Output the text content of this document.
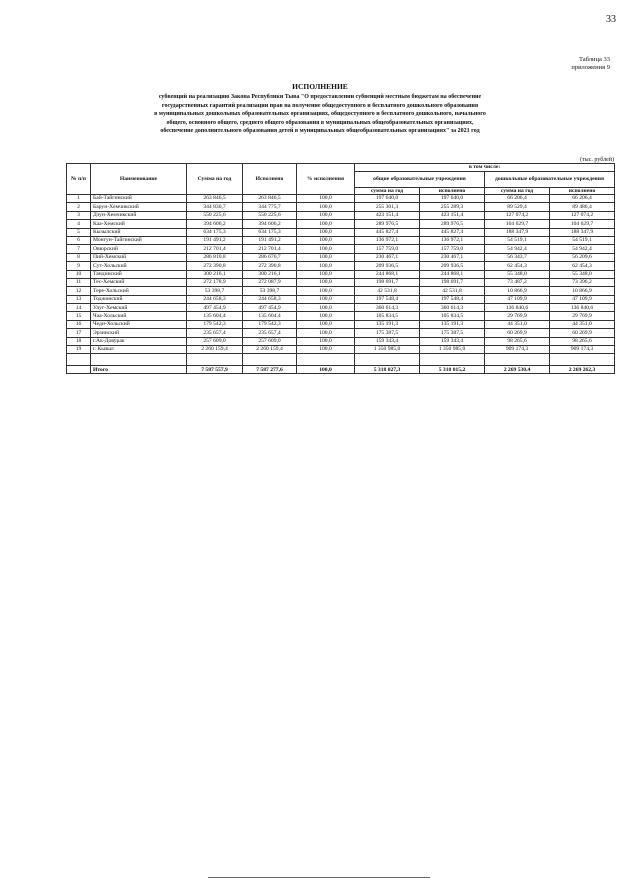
33
Таблица 33
приложения 9
ИСПОЛНЕНИЕ
субвенций на реализацию Закона Республики Тыва "О предоставлении субвенций местным бюджетам на обеспечение
государственных гарантий реализации прав на получение общедоступного и бесплатного дошкольного образования
в муниципальных дошкольных образовательных организациях, общедоступного и бесплатного дошкольного, начального
общего, основного общего, среднего общего образования в муниципальных общеобразовательных организациях,
обеспечение дополнительного образования детей в муниципальных общеобразовательных организациях" за 2021 год
(тыс. рублей)
№ п/п	Наименование	Сумма на год	Исполнено	% исполнения	в том числе:			
					общие образовательные учреждения		дошкольные образовательные учреждения	
					сумма на год	исполнено	сумма на год	исполнено
1	Бай-Тайгинский	263 846,5	263 846,5	100,0	197 640,0	197 640,0	66 206,4	66 206,4
2	Барун-Хемчикский	344 830,7	344 775,7	100,0	255 301,3	255 289,3	89 529,4	89 486,4
3	Дзун-Хемчикский	550 225,6	550 225,6	100,0	423 151,4	423 151,4	127 074,2	127 074,2
4	Каа-Хемский	394 606,2	394 606,2	100,0	289 976,5	289 976,5	104 629,7	104 629,7
5	Кызылский	634 175,3	634 175,3	100,0	445 827,4	445 827,4	188 347,9	188 347,9
6	Монгун-Тайгинский	191 491,2	191 491,2	100,0	136 972,1	136 972,1	54 519,1	54 519,1
7	Овюрский	212 701,4	212 701,4	100,0	157 759,0	157 759,0	54 942,4	54 942,4
8	Пий-Хемский	286 810,8	286 676,7	100,0	230 467,1	230 467,1	56 343,7	56 209,6
9	Сут-Хольский	272 390,8	272 390,8	100,0	209 936,5	209 936,5	62 454,3	62 454,3
10	Тандинский	300 216,1	300 216,1	100,0	244 868,1	244 868,1	55 348,0	55 348,0
11	Тес-Хемский	272 178,9	272 087,9	100,0	198 691,7	198 691,7	73 487,2	73 396,2
12	Тере-Хольский	53 398,7	53 398,7	100,0	42 531,8	42 531,8	10 866,9	10 866,9
13	Тоджинский	244 658,3	244 658,3	100,0	197 548,4	197 548,4	47 109,9	47 109,9
14	Улуг-Хемский	497 454,9	497 454,9	100,0	360 614,3	360 614,3	136 840,6	136 840,6
15	Чаа-Хольский	135 604,4	135 604,4	100,0	105 834,5	105 834,5	29 769,9	29 769,9
16	Чеди-Хольский	179 542,3	179 542,3	100,0	135 191,3	135 191,3	44 351,0	44 351,0
17	Эрзинский	235 657,4	235 657,4	100,0	175 387,5	175 387,5	60 269,9	60 269,9
18	г.Ак-Довурак	257 609,0	257 609,0	100,0	159 343,4	159 343,4	98 265,6	98 265,6
19	г. Кызыл	2 260 159,4	2 260 159,4	100,0	1 350 985,0	1 350 985,0	909 174,3	909 174,3

	Итого	7 587 557,9	7 587 277,6	100,0	5 318 027,3	5 318 015,2	2 269 530,4	2 269 262,3
